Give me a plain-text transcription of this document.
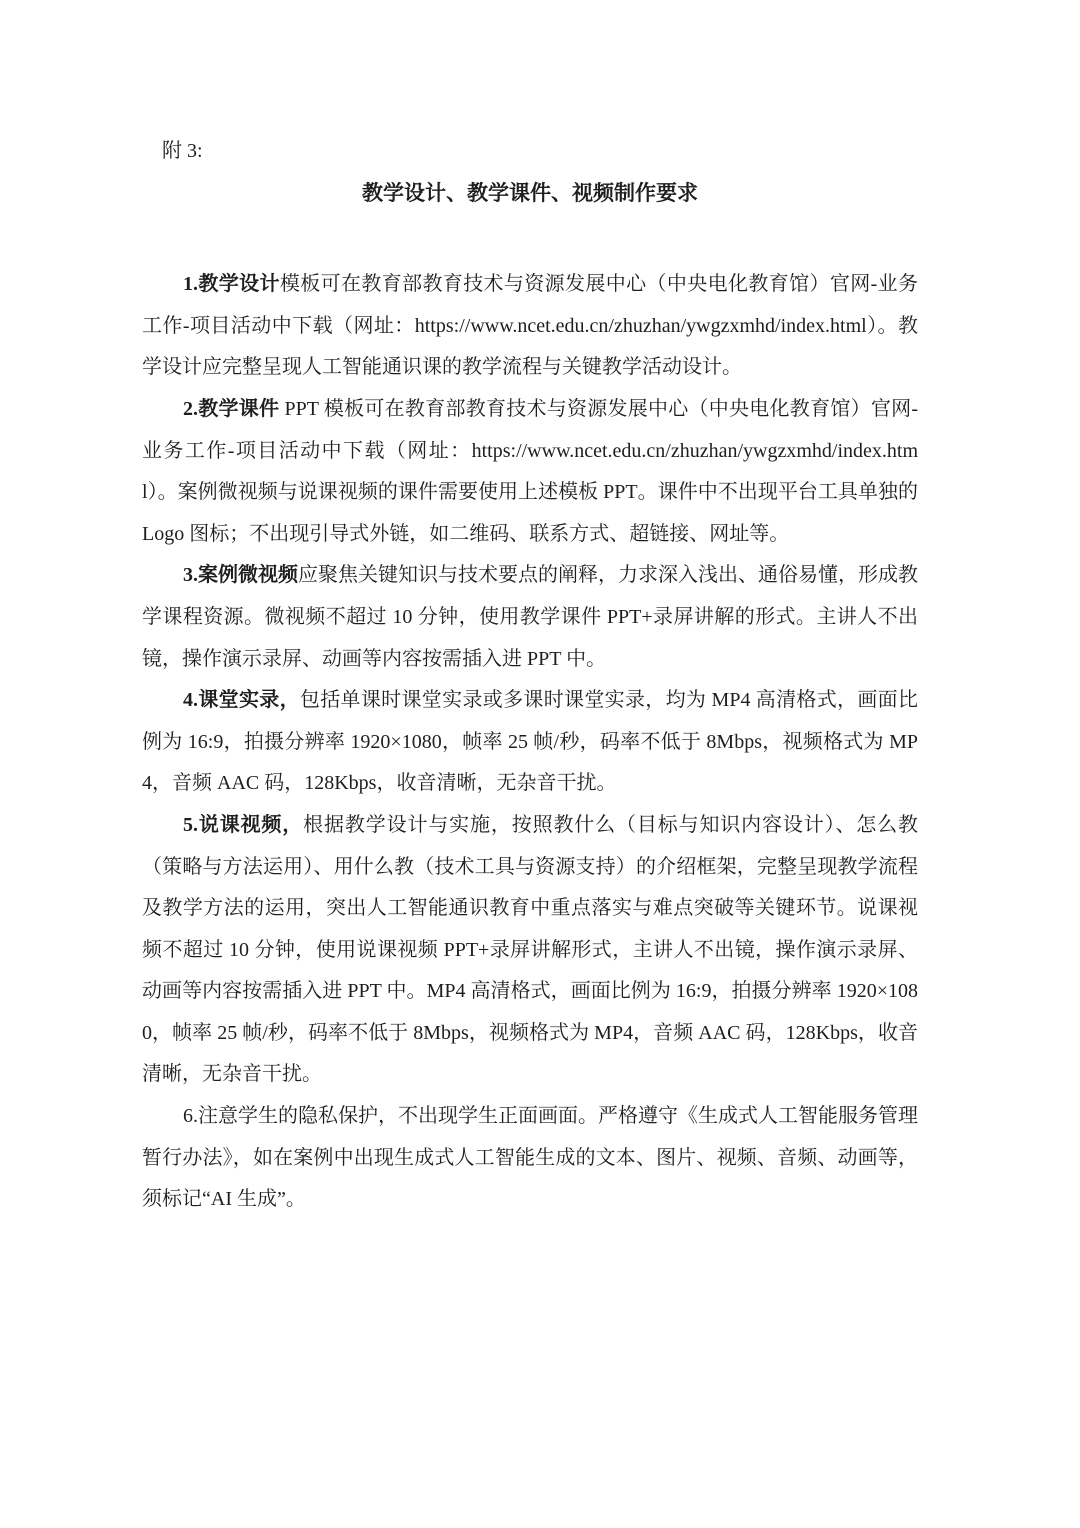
附 3:
教学设计、教学课件、视频制作要求

1.教学设计模板可在教育部教育技术与资源发展中心（中央电化教育馆）官网-业务工作-项目活动中下载（网址：https://www.ncet.edu.cn/zhuzhan/ywgzxmhd/index.html）。教学设计应完整呈现人工智能通识课的教学流程与关键教学活动设计。

2.教学课件 PPT 模板可在教育部教育技术与资源发展中心（中央电化教育馆）官网-业务工作-项目活动中下载（网址：https://www.ncet.edu.cn/zhuzhan/ywgzxmhd/index.html）。案例微视频与说课视频的课件需要使用上述模板 PPT。课件中不出现平台工具单独的 Logo 图标；不出现引导式外链，如二维码、联系方式、超链接、网址等。

3.案例微视频应聚焦关键知识与技术要点的阐释，力求深入浅出、通俗易懂，形成教学课程资源。微视频不超过 10 分钟，使用教学课件 PPT+录屏讲解的形式。主讲人不出镜，操作演示录屏、动画等内容按需插入进 PPT 中。

4.课堂实录，包括单课时课堂实录或多课时课堂实录，均为 MP4 高清格式，画面比例为 16:9，拍摄分辨率 1920×1080，帧率 25 帧/秒，码率不低于 8Mbps，视频格式为 MP4，音频 AAC 码，128Kbps，收音清晰，无杂音干扰。

5.说课视频，根据教学设计与实施，按照教什么（目标与知识内容设计）、怎么教（策略与方法运用）、用什么教（技术工具与资源支持）的介绍框架，完整呈现教学流程及教学方法的运用，突出人工智能通识教育中重点落实与难点突破等关键环节。说课视频不超过 10 分钟，使用说课视频 PPT+录屏讲解形式，主讲人不出镜，操作演示录屏、动画等内容按需插入进 PPT 中。MP4 高清格式，画面比例为 16:9，拍摄分辨率 1920×1080，帧率 25 帧/秒，码率不低于 8Mbps，视频格式为 MP4，音频 AAC 码，128Kbps，收音清晰，无杂音干扰。

6.注意学生的隐私保护，不出现学生正面画面。严格遵守《生成式人工智能服务管理暂行办法》，如在案例中出现生成式人工智能生成的文本、图片、视频、音频、动画等，须标记“AI 生成”。
